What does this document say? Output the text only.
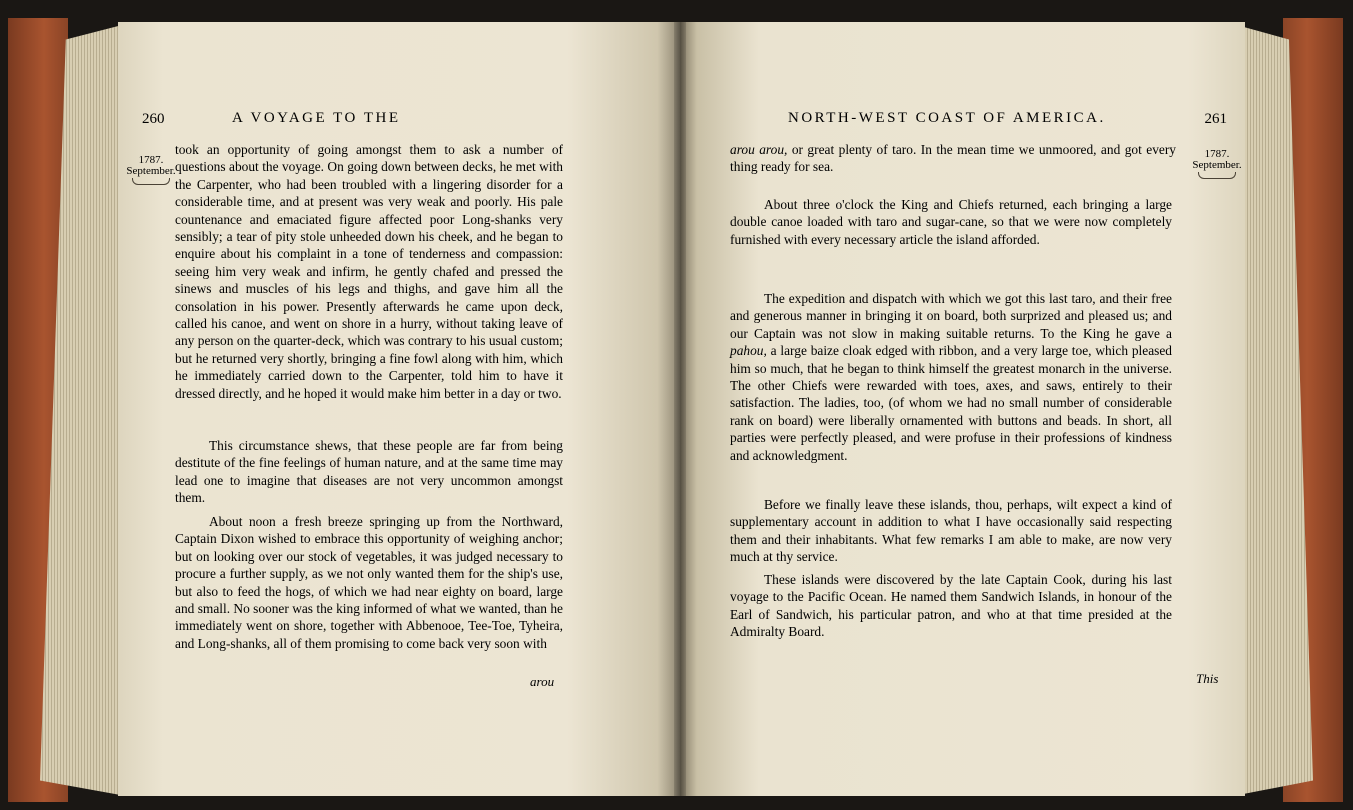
260	A VOYAGE TO THE
1787.
September.

took an opportunity of going amongst them to ask a number of questions about the voyage. On going down between decks, he met with the Carpenter, who had been troubled with a lingering disorder for a considerable time, and at present was very weak and poorly. His pale countenance and emaciated figure affected poor Long-shanks very sensibly; a tear of pity stole unheeded down his cheek, and he began to enquire about his complaint in a tone of tenderness and compassion: seeing him very weak and infirm, he gently chafed and pressed the sinews and muscles of his legs and thighs, and gave him all the consolation in his power. Presently afterwards he came upon deck, called his canoe, and went on shore in a hurry, without taking leave of any person on the quarter-deck, which was contrary to his usual custom; but he returned very shortly, bringing a fine fowl along with him, which he immediately carried down to the Carpenter, told him to have it dressed directly, and he hoped it would make him better in a day or two.

This circumstance shews, that these people are far from being destitute of the fine feelings of human nature, and at the same time may lead one to imagine that diseases are not very uncommon amongst them.

About noon a fresh breeze springing up from the Northward, Captain Dixon wished to embrace this opportunity of weighing anchor; but on looking over our stock of vegetables, it was judged necessary to procure a further supply, as we not only wanted them for the ship's use, but also to feed the hogs, of which we had near eighty on board, large and small. No sooner was the king informed of what we wanted, than he immediately went on shore, together with Abbenooe, Tee-Toe, Tyheira, and Long-shanks, all of them promising to come back very soon with

arou
261
NORTH-WEST COAST OF AMERICA.
1787.
September.

arou arou, or great plenty of taro. In the mean time we unmoored, and got every thing ready for sea.

About three o'clock the King and Chiefs returned, each bringing a large double canoe loaded with taro and sugar-cane, so that we were now completely furnished with every necessary article the island afforded.

The expedition and dispatch with which we got this last taro, and their free and generous manner in bringing it on board, both surprized and pleased us; and our Captain was not slow in making suitable returns. To the King he gave a pahou, a large baize cloak edged with ribbon, and a very large toe, which pleased him so much, that he began to think himself the greatest monarch in the universe. The other Chiefs were rewarded with toes, axes, and saws, entirely to their satisfaction. The ladies, too, (of whom we had no small number of considerable rank on board) were liberally ornamented with buttons and beads. In short, all parties were perfectly pleased, and were profuse in their professions of kindness and acknowledgment.

Before we finally leave these islands, thou, perhaps, wilt expect a kind of supplementary account in addition to what I have occasionally said respecting them and their inhabitants. What few remarks I am able to make, are now very much at thy service.

These islands were discovered by the late Captain Cook, during his last voyage to the Pacific Ocean. He named them Sandwich Islands, in honour of the Earl of Sandwich, his particular patron, and who at that time presided at the Admiralty Board.

This
